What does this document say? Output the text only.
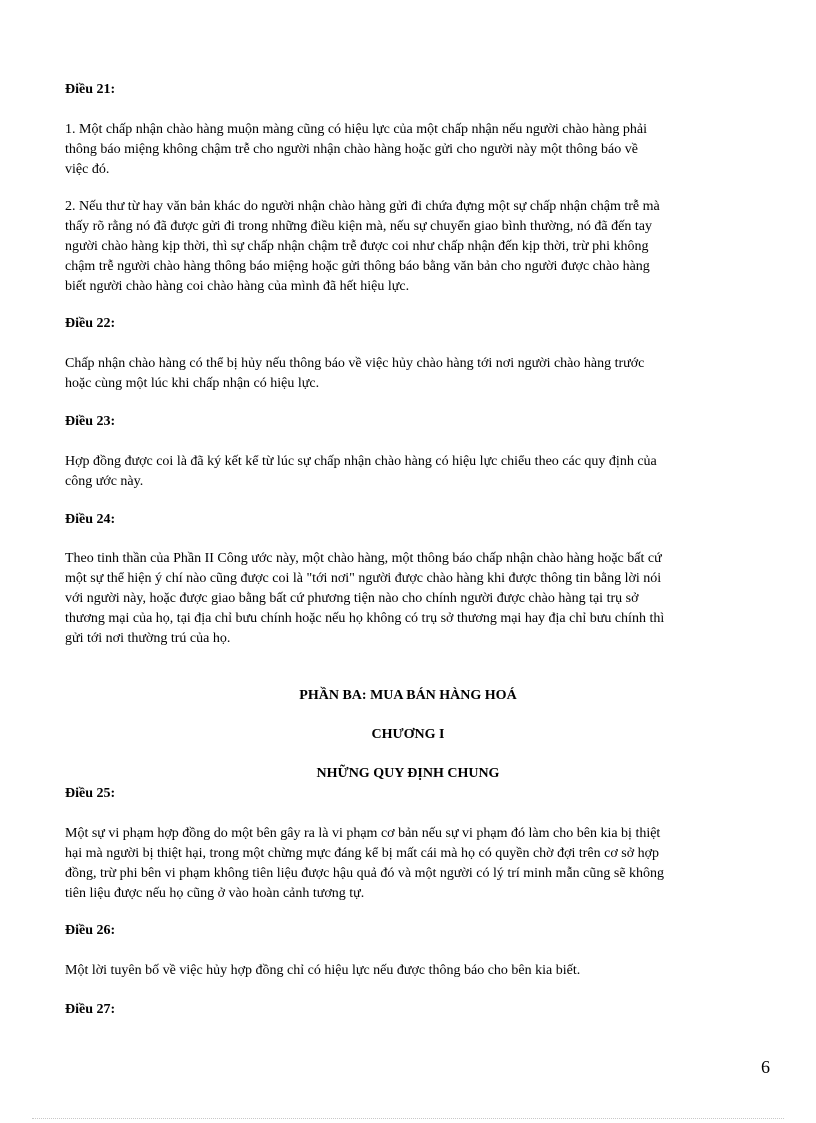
Điều 21:

1. Một chấp nhận chào hàng muộn màng cũng có hiệu lực của một chấp nhận nếu người chào hàng phải
thông báo miệng không chậm trễ cho người nhận chào hàng hoặc gửi cho người này một thông báo về
việc đó.

2. Nếu thư từ hay văn bản khác do người nhận chào hàng gửi đi chứa đựng một sự chấp nhận chậm trễ mà
thấy rõ rằng nó đã được gửi đi trong những điều kiện mà, nếu sự chuyển giao bình thường, nó đã đến tay
người chào hàng kịp thời, thì sự chấp nhận chậm trễ được coi như chấp nhận đến kịp thời, trừ phi không
chậm trễ người chào hàng thông báo miệng hoặc gửi thông báo bằng văn bản cho người được chào hàng
biết người chào hàng coi chào hàng của mình đã hết hiệu lực.

Điều 22:

Chấp nhận chào hàng có thể bị hủy nếu thông báo về việc hủy chào hàng tới nơi người chào hàng trước
hoặc cùng một lúc khi chấp nhận có hiệu lực.

Điều 23:

Hợp đồng được coi là đã ký kết kể từ lúc sự chấp nhận chào hàng có hiệu lực chiểu theo các quy định của
công ước này.

Điều 24:

Theo tinh thần của Phần II Công ước này, một chào hàng, một thông báo chấp nhận chào hàng hoặc bất cứ
một sự thể hiện ý chí nào cũng được coi là "tới nơi" người được chào hàng khi được thông tin bằng lời nói
với người này, hoặc được giao bằng bất cứ phương tiện nào cho chính người được chào hàng tại trụ sở
thương mại của họ, tại địa chỉ bưu chính hoặc nếu họ không có trụ sở thương mại hay địa chỉ bưu chính thì
gửi tới nơi thường trú của họ.

PHẦN BA: MUA BÁN HÀNG HOÁ
CHƯƠNG I
NHỮNG QUY ĐỊNH CHUNG
Điều 25:

Một sự vi phạm hợp đồng do một bên gây ra là vi phạm cơ bản nếu sự vi phạm đó làm cho bên kia bị thiệt
hại mà người bị thiệt hại, trong một chừng mực đáng kể bị mất cái mà họ có quyền chờ đợi trên cơ sở hợp
đồng, trừ phi bên vi phạm không tiên liệu được hậu quả đó và một người có lý trí minh mẫn cũng sẽ không
tiên liệu được nếu họ cũng ở vào hoàn cảnh tương tự.

Điều 26:

Một lời tuyên bố về việc hủy hợp đồng chỉ có hiệu lực nếu được thông báo cho bên kia biết.

Điều 27:
6
